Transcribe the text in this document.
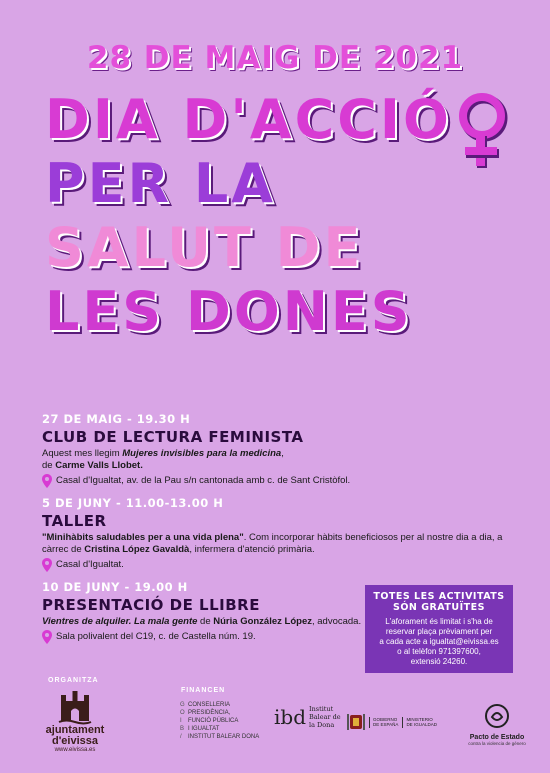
28 DE MAIG DE 2021
DIA D'ACCIÓ
PER LA
SALUT DE
LES DONES
27 DE MAIG - 19.30 H
CLUB DE LECTURA FEMINISTA
Aquest mes llegim Mujeres invisibles para la medicina,
de Carme Valls Llobet.
Casal d'Igualtat, av. de la Pau s/n cantonada amb c. de Sant Cristòfol.
5 DE JUNY - 11.00-13.00 H
TALLER
"Minihàbits saludables per a una vida plena". Com incorporar hàbits beneficiosos per al nostre dia a dia, a càrrec de Cristina López Gavaldà, infermera d'atenció primària.
Casal d'Igualtat.
10 DE JUNY - 19.00 H
PRESENTACIÓ DE LLIBRE
Vientres de alquiler. La mala gente de Núria González López, advocada.
Sala polivalent del C19, c. de Castella núm. 19.
TOTES LES ACTIVITATS
SÓN GRATUÏTES
L'aforament és limitat i s'ha de
reservar plaça prèviament per
a cada acte a igualtat@eivissa.es
o al telèfon 971397600,
extensió 24260.
ORGANITZA
FINANCEN
ajuntament
d'eivissa
www.eivissa.es
G CONSELLERIA
O PRESIDÈNCIA,
I FUNCIÓ PÚBLICA
B I IGUALTAT
/ INSTITUT BALEAR DONA
ibd Institut
Balear de
la Dona
GOBIERNO
DE ESPAÑA
MINISTERIO
DE IGUALDAD
Pacto de Estado
contra la violencia de género
